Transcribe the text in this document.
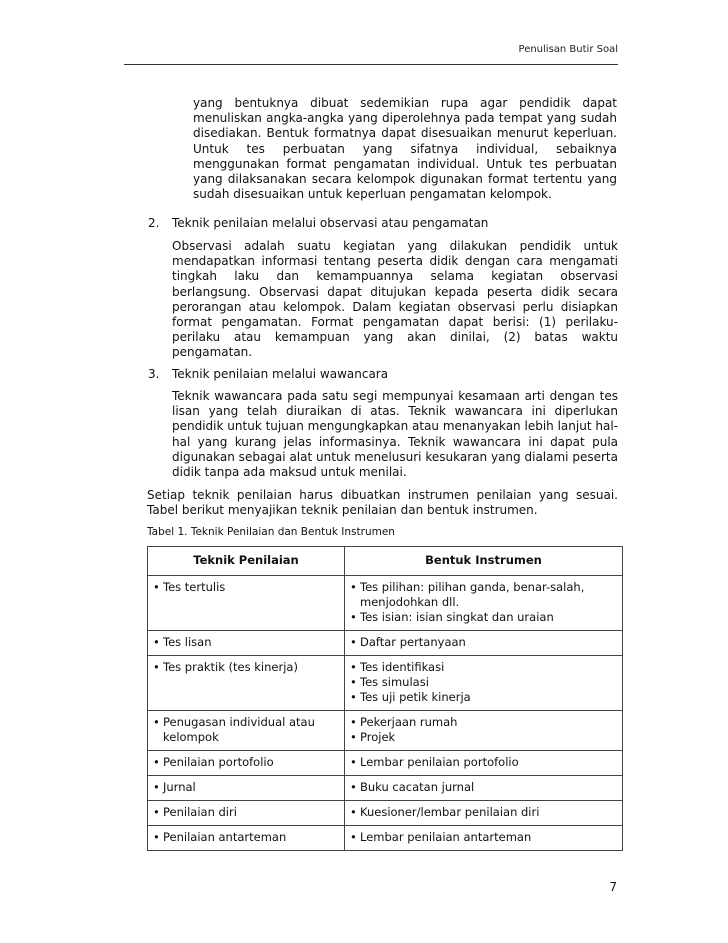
Penulisan Butir Soal

yang bentuknya dibuat sedemikian rupa agar pendidik dapat menuliskan angka-angka yang diperolehnya pada tempat yang sudah disediakan. Bentuk formatnya dapat disesuaikan menurut keperluan. Untuk tes perbuatan yang sifatnya individual, sebaiknya menggunakan format pengamatan individual. Untuk tes perbuatan yang dilaksanakan secara kelompok digunakan format tertentu yang sudah disesuaikan untuk keperluan pengamatan kelompok.

2. Teknik penilaian melalui observasi atau pengamatan

Observasi adalah suatu kegiatan yang dilakukan pendidik untuk mendapatkan informasi tentang peserta didik dengan cara mengamati tingkah laku dan kemampuannya selama kegiatan observasi berlangsung. Observasi dapat ditujukan kepada peserta didik secara perorangan atau kelompok. Dalam kegiatan observasi perlu disiapkan format pengamatan. Format pengamatan dapat berisi: (1) perilaku-perilaku atau kemampuan yang akan dinilai, (2) batas waktu pengamatan.

3. Teknik penilaian melalui wawancara

Teknik wawancara pada satu segi mempunyai kesamaan arti dengan tes lisan yang telah diuraikan di atas. Teknik wawancara ini diperlukan pendidik untuk tujuan mengungkapkan atau menanyakan lebih lanjut hal-hal yang kurang jelas informasinya. Teknik wawancara ini dapat pula digunakan sebagai alat untuk menelusuri kesukaran yang dialami peserta didik tanpa ada maksud untuk menilai.

Setiap teknik penilaian harus dibuatkan instrumen penilaian yang sesuai. Tabel berikut menyajikan teknik penilaian dan bentuk instrumen.

Tabel 1. Teknik Penilaian dan Bentuk Instrumen
Teknik Penilaian	Bentuk Instrumen

• Tes tertulis	• Tes pilihan: pilihan ganda, benar-salah, menjodohkan dll.
• Tes isian: isian singkat dan uraian

• Tes lisan	• Daftar pertanyaan

• Tes praktik (tes kinerja)	• Tes identifikasi
• Tes simulasi
• Tes uji petik kinerja

• Penugasan individual atau kelompok	• Pekerjaan rumah
• Projek

• Penilaian portofolio	• Lembar penilaian portofolio

• Jurnal	• Buku cacatan jurnal

• Penilaian diri	• Kuesioner/lembar penilaian diri

• Penilaian antarteman	• Lembar penilaian antarteman
7
